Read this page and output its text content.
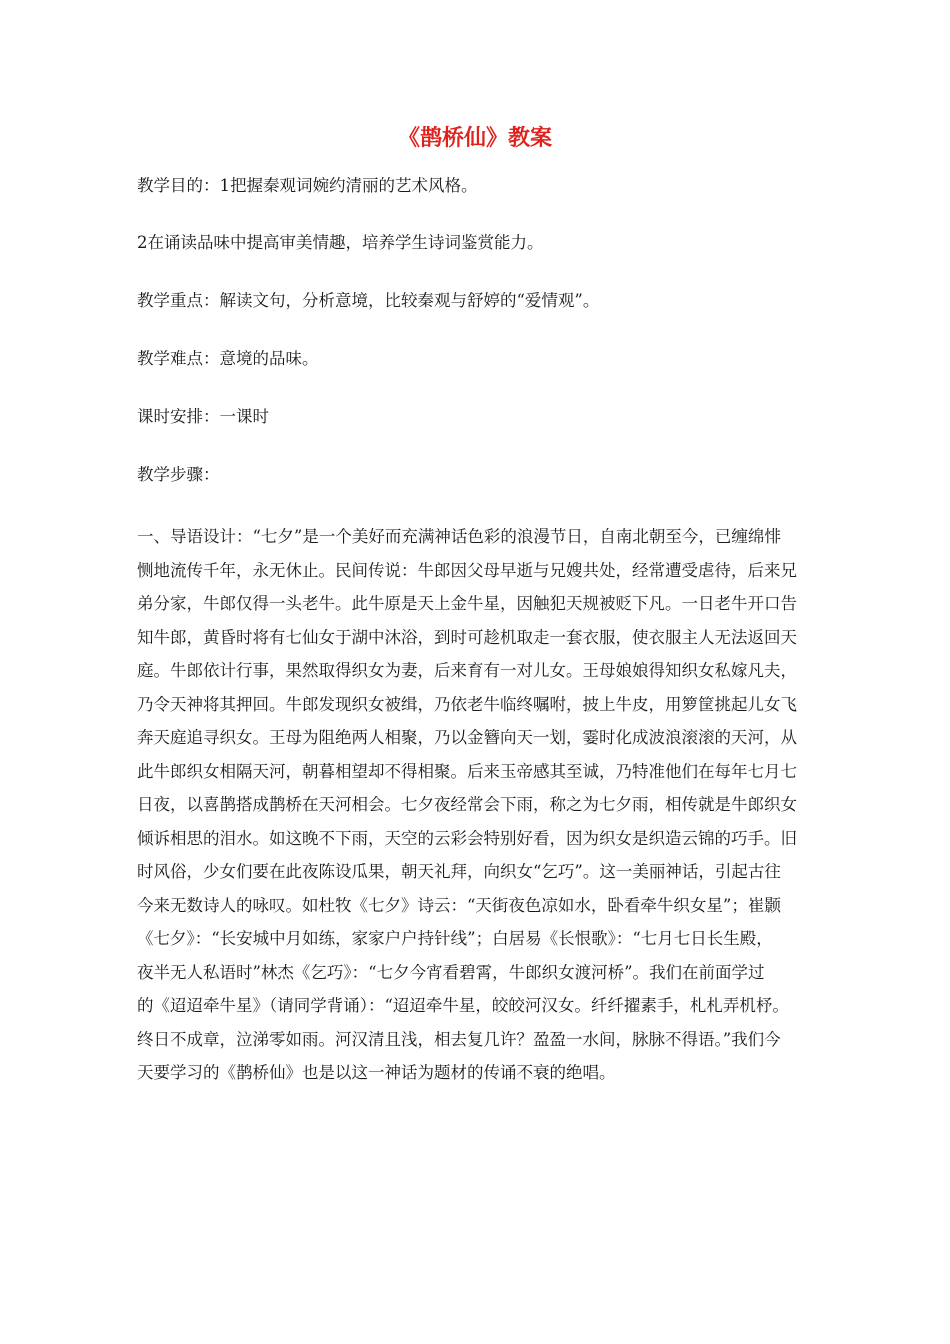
《鹊桥仙》教案
教学目的：1把握秦观词婉约清丽的艺术风格。
2在诵读品味中提高审美情趣，培养学生诗词鉴赏能力。
教学重点：解读文句，分析意境，比较秦观与舒婷的“爱情观”。
教学难点：意境的品味。
课时安排：一课时
教学步骤：
一、导语设计：“七夕”是一个美好而充满神话色彩的浪漫节日，自南北朝至今，已缠绵悱
恻地流传千年，永无休止。民间传说：牛郎因父母早逝与兄嫂共处，经常遭受虐待，后来兄
弟分家，牛郎仅得一头老牛。此牛原是天上金牛星，因触犯天规被贬下凡。一日老牛开口告
知牛郎，黄昏时将有七仙女于湖中沐浴，到时可趁机取走一套衣服，使衣服主人无法返回天
庭。牛郎依计行事，果然取得织女为妻，后来育有一对儿女。王母娘娘得知织女私嫁凡夫，
乃令天神将其押回。牛郎发现织女被缉，乃依老牛临终嘱咐，披上牛皮，用箩筐挑起儿女飞
奔天庭追寻织女。王母为阻绝两人相聚，乃以金簪向天一划，霎时化成波浪滚滚的天河，从
此牛郎织女相隔天河，朝暮相望却不得相聚。后来玉帝感其至诚，乃特准他们在每年七月七
日夜，以喜鹊搭成鹊桥在天河相会。七夕夜经常会下雨，称之为七夕雨，相传就是牛郎织女
倾诉相思的泪水。如这晚不下雨，天空的云彩会特别好看，因为织女是织造云锦的巧手。旧
时风俗，少女们要在此夜陈设瓜果，朝天礼拜，向织女“乞巧”。这一美丽神话，引起古往
今来无数诗人的咏叹。如杜牧《七夕》诗云：“天街夜色凉如水，卧看牵牛织女星”；崔颢
《七夕》：“长安城中月如练，家家户户持针线”；白居易《长恨歌》：“七月七日长生殿，
夜半无人私语时”林杰《乞巧》：“七夕今宵看碧霄，牛郎织女渡河桥”。我们在前面学过
的《迢迢牵牛星》（请同学背诵）：“迢迢牵牛星，皎皎河汉女。纤纤擢素手，札札弄机杼。
终日不成章，泣涕零如雨。河汉清且浅，相去复几许？盈盈一水间，脉脉不得语。”我们今
天要学习的《鹊桥仙》也是以这一神话为题材的传诵不衰的绝唱。
